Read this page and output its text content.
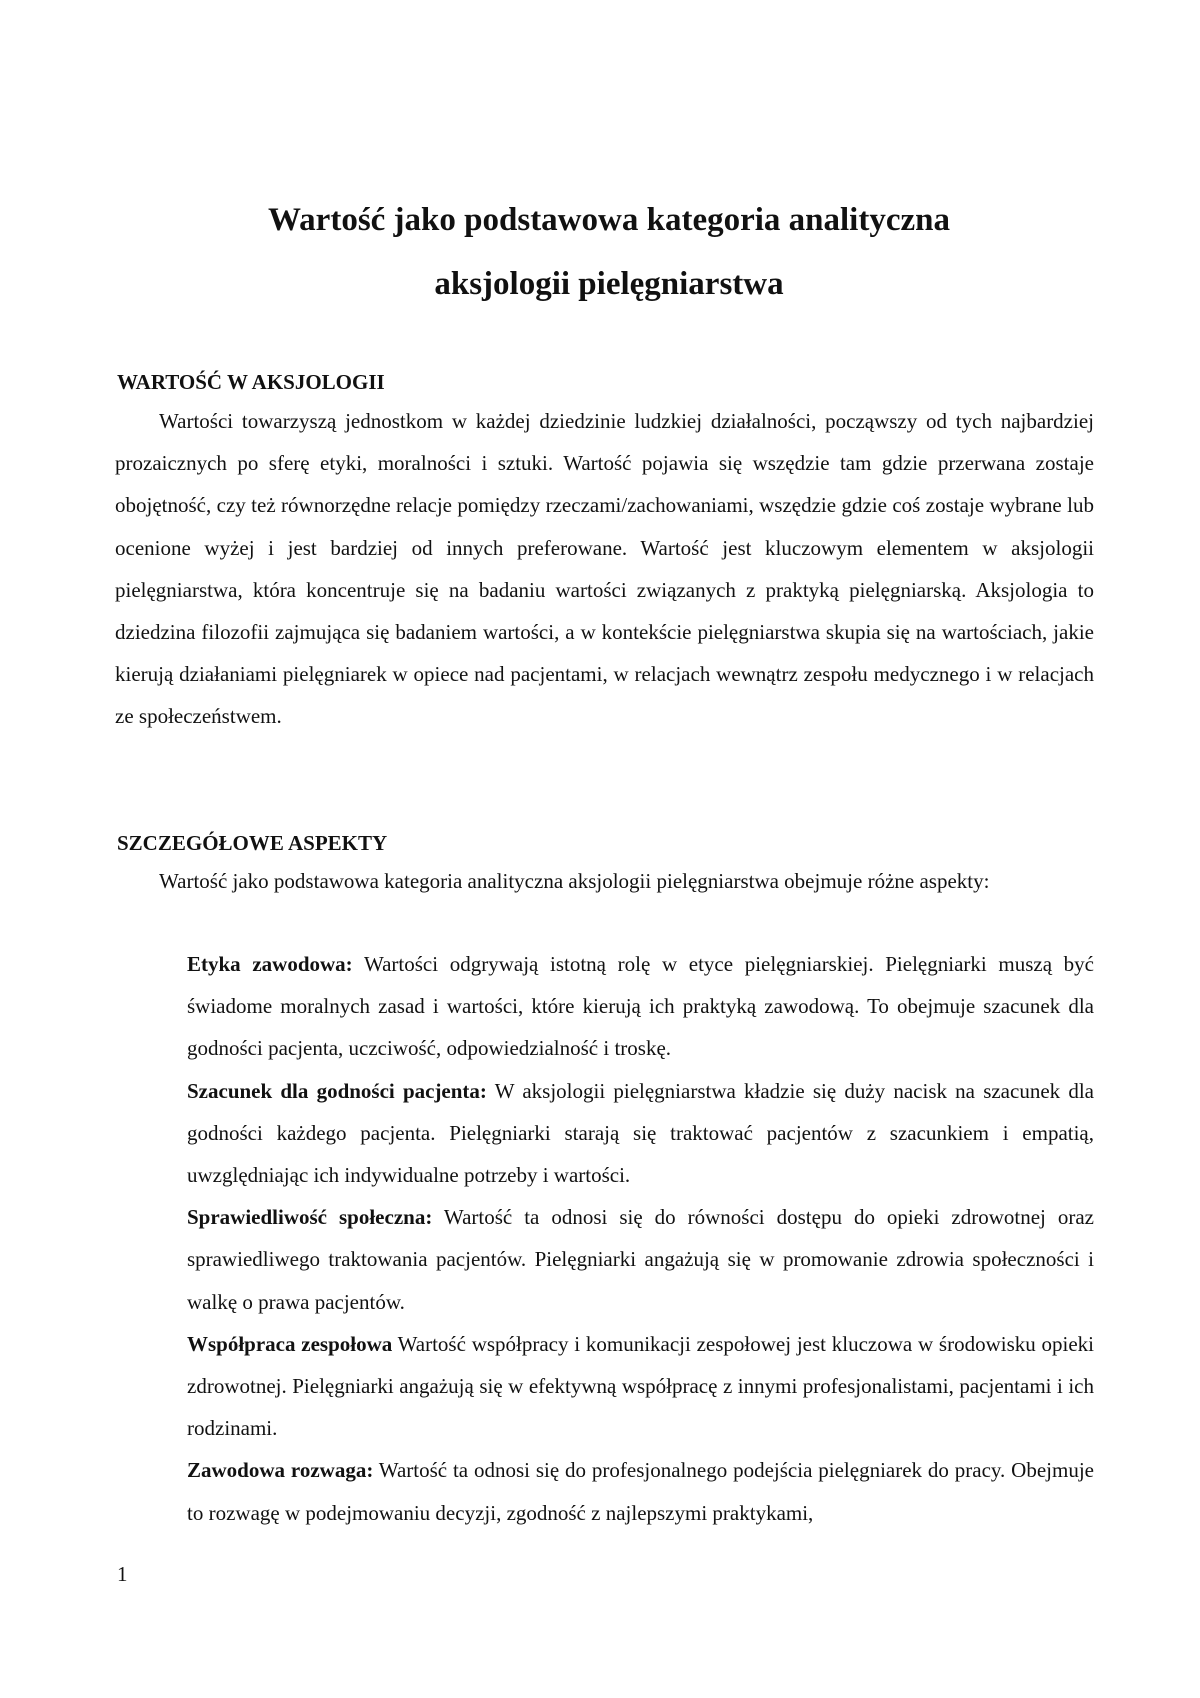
Wartość jako podstawowa kategoria analityczna
aksjologii pielęgniarstwa
WARTOŚĆ W AKSJOLOGII

Wartości towarzyszą jednostkom w każdej dziedzinie ludzkiej działalności, począwszy od tych najbardziej prozaicznych po sferę etyki, moralności i sztuki. Wartość pojawia się wszędzie tam gdzie przerwana zostaje obojętność, czy też równorzędne relacje pomiędzy rzeczami/zachowaniami, wszędzie gdzie coś zostaje wybrane lub ocenione wyżej i jest bardziej od innych preferowane. Wartość jest kluczowym elementem w aksjologii pielęgniarstwa, która koncentruje się na badaniu wartości związanych z praktyką pielęgniarską. Aksjologia to dziedzina filozofii zajmująca się badaniem wartości, a w kontekście pielęgniarstwa skupia się na wartościach, jakie kierują działaniami pielęgniarek w opiece nad pacjentami, w relacjach wewnątrz zespołu medycznego i w relacjach ze społeczeństwem.

SZCZEGÓŁOWE ASPEKTY

Wartość jako podstawowa kategoria analityczna aksjologii pielęgniarstwa obejmuje różne aspekty:

Etyka zawodowa: Wartości odgrywają istotną rolę w etyce pielęgniarskiej. Pielęgniarki muszą być świadome moralnych zasad i wartości, które kierują ich praktyką zawodową. To obejmuje szacunek dla godności pacjenta, uczciwość, odpowiedzialność i troskę.

Szacunek dla godności pacjenta: W aksjologii pielęgniarstwa kładzie się duży nacisk na szacunek dla godności każdego pacjenta. Pielęgniarki starają się traktować pacjentów z szacunkiem i empatią, uwzględniając ich indywidualne potrzeby i wartości.

Sprawiedliwość społeczna: Wartość ta odnosi się do równości dostępu do opieki zdrowotnej oraz sprawiedliwego traktowania pacjentów. Pielęgniarki angażują się w promowanie zdrowia społeczności i walkę o prawa pacjentów.

Współpraca zespołowa Wartość współpracy i komunikacji zespołowej jest kluczowa w środowisku opieki zdrowotnej. Pielęgniarki angażują się w efektywną współpracę z innymi profesjonalistami, pacjentami i ich rodzinami.

Zawodowa rozwaga: Wartość ta odnosi się do profesjonalnego podejścia pielęgniarek do pracy. Obejmuje to rozwagę w podejmowaniu decyzji, zgodność z najlepszymi praktykami,

1
